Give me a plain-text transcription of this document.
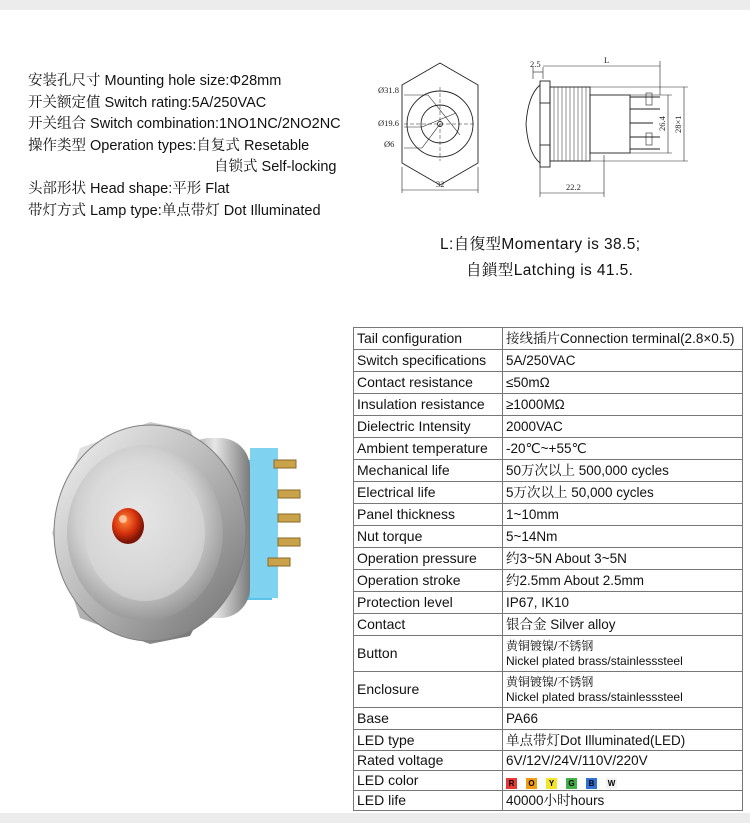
安装孔尺寸 Mounting hole size:Φ28mm
开关额定值 Switch rating:5A/250VAC
开关组合 Switch combination:1NO1NC/2NO2NC
操作类型 Operation types:自复式 Resetable
自锁式 Self-locking
头部形状 Head shape:平形 Flat
带灯方式 Lamp type:单点带灯 Dot Illuminated
Ø31.8
Ø19.6
Ø6
32
2.5	L
26.4 28×1
22.2
L:自復型Momentary is 38.5;
自鎖型Latching is 41.5.
Tail configuration	接线插片Connection terminal(2.8×0.5)
Switch specifications	5A/250VAC
Contact resistance	≤50mΩ
Insulation resistance	≥1000MΩ
Dielectric Intensity	2000VAC
Ambient temperature	-20℃~+55℃
Mechanical life	50万次以上 500,000 cycles
Electrical life	5万次以上 50,000 cycles
Panel thickness	1~10mm
Nut torque	5~14Nm
Operation pressure	约3~5N About 3~5N
Operation stroke	约2.5mm About 2.5mm
Protection level	IP67, IK10
Contact	银合金 Silver alloy
Button	黄铜镀镍/不锈钢
Nickel plated brass/stainlesssteel

Enclosure	黄铜镀镍/不锈钢
Nickel plated brass/stainlesssteel

Base	PA66
LED type	单点带灯Dot Illuminated(LED)
Rated voltage	6V/12V/24V/110V/220V
LED color	R O Y G B W
LED life	40000小时hours
